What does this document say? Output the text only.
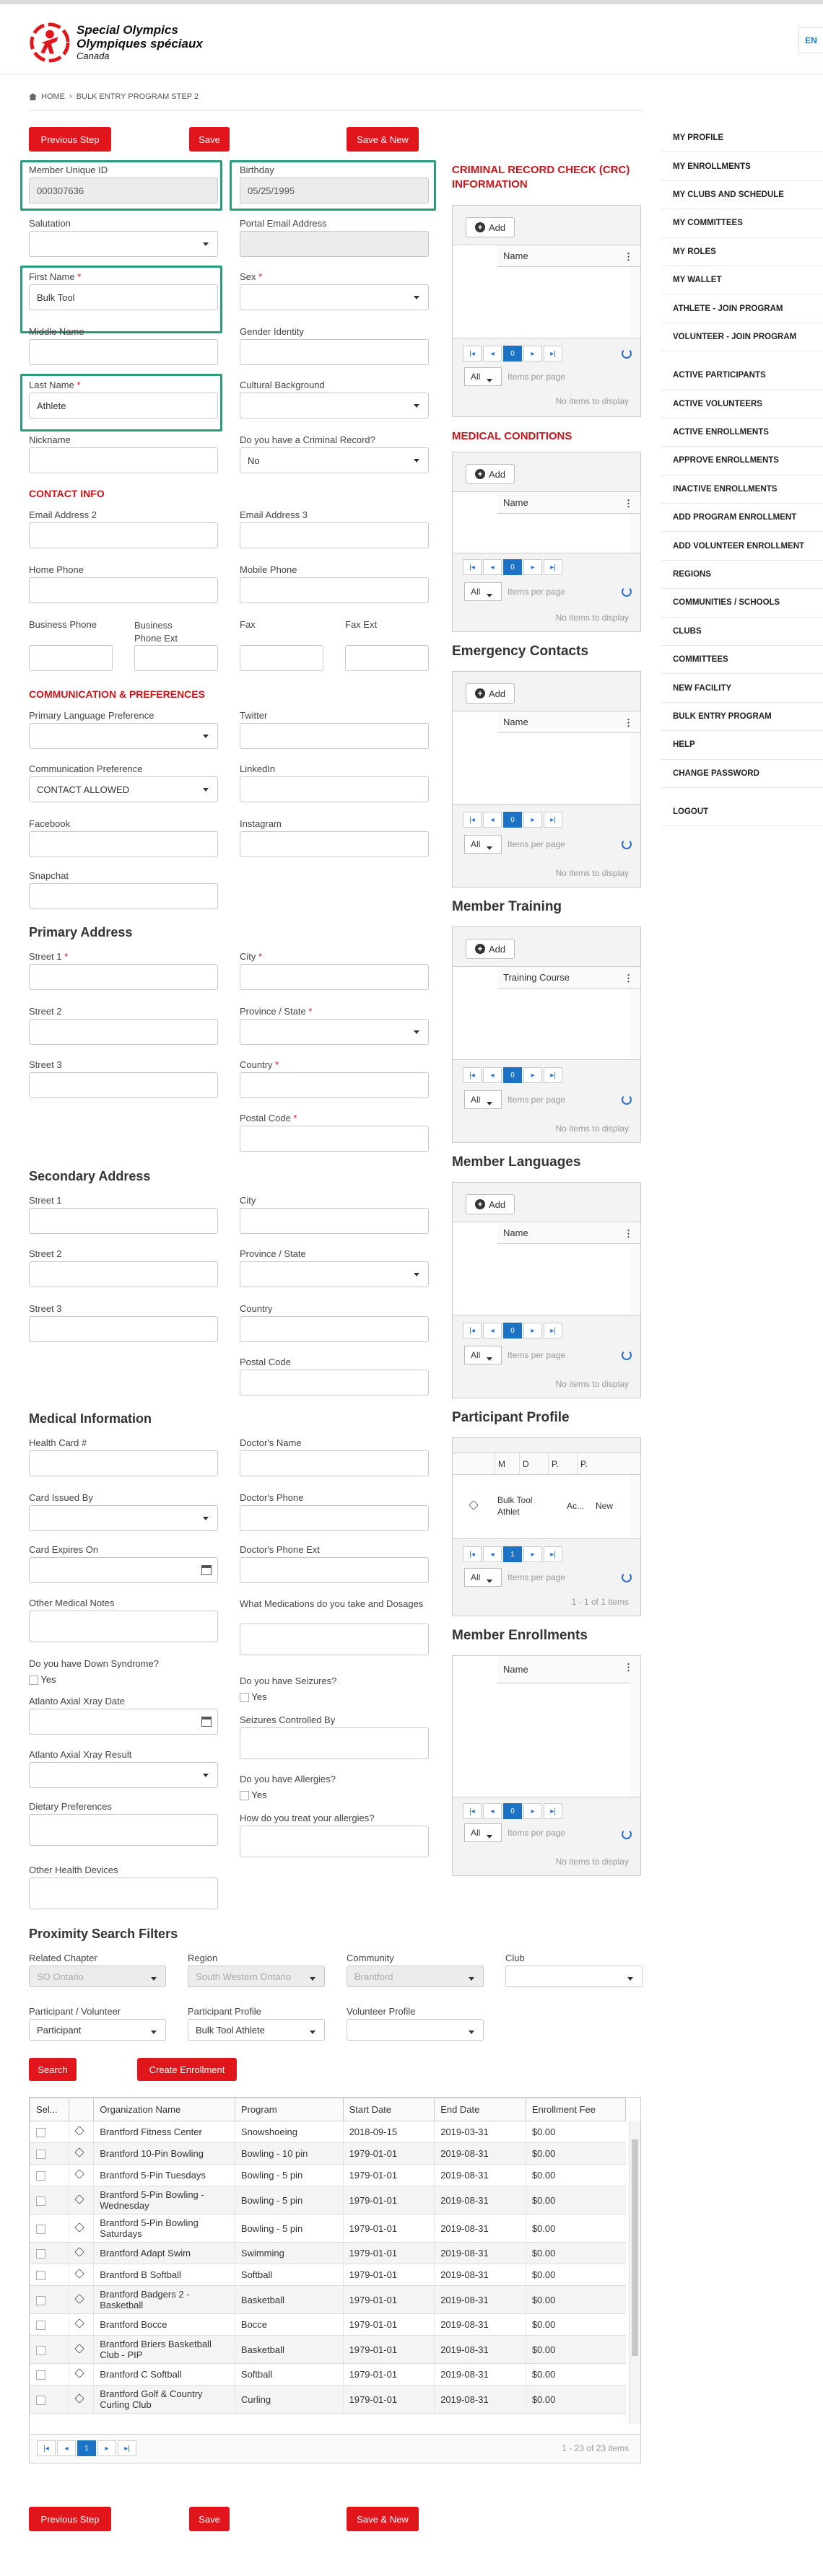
Special Olympics
Olympiques spéciaux
Canada
EN
HOME › BULK ENTRY PROGRAM STEP 2
Previous Step	Save	Save & New
Member Unique ID
000307636
Birthday
05/25/1995
Salutation	Portal Email Address
First Name *
Bulk Tool
Sex *
Middle Name	Gender Identity
Last Name *
Athlete
Cultural Background
Nickname	Do you have a Criminal Record?
No
CONTACT INFO
Email Address 2	Email Address 3
Home Phone	Mobile Phone
Business Phone	Business Phone Ext
Fax	Fax Ext
COMMUNICATION & PREFERENCES
Primary Language Preference	Twitter
Communication Preference
CONTACT ALLOWED
LinkedIn
Facebook	Instagram
Snapchat
Primary Address
Street 1 *	City *
Street 2	Province / State *
Street 3	Country *
Postal Code *
Secondary Address
Street 1	City
Street 2	Province / State
Street 3	Country
Postal Code
Medical Information
Health Card #	Doctor's Name
Card Issued By	Doctor's Phone
Card Expires On	Doctor's Phone Ext
Other Medical Notes	What Medications do you take and Dosages
Do you have Down Syndrome?
Yes	Do you have Seizures?
Yes
Atlanto Axial Xray Date
Seizures Controlled By
Atlanto Axial Xray Result
Do you have Allergies?
Yes
Dietary Preferences
How do you treat your allergies?
Other Health Devices
CRIMINAL RECORD CHECK (CRC) INFORMATION
+ Add
Name	⋮
|◂	◂	0	▸	▸|
All	Items per page
No items to display
MEDICAL CONDITIONS
+ Add
Name	⋮
|◂	◂	0	▸	▸|
All	Items per page
No items to display
Emergency Contacts
+ Add
Name	⋮
|◂	◂	0	▸	▸|
All	Items per page
No items to display
Member Training
+ Add
Training Course	⋮
|◂	◂	0	▸	▸|
All	Items per page
No items to display
Member Languages
+ Add
Name	⋮
|◂	◂	0	▸	▸|
All	Items per page
No items to display
Participant Profile
M	D	P.	P.
Bulk Tool Athlet
Ac...	New
|◂	◂	1	▸	▸|
All	Items per page
1 - 1 of 1 items
Member Enrollments
Name	⋮
|◂	◂	0	▸	▸|
All	Items per page
No items to display
MY PROFILE
MY ENROLLMENTS
MY CLUBS AND SCHEDULE
MY COMMITTEES
MY ROLES
MY WALLET
ATHLETE - JOIN PROGRAM
VOLUNTEER - JOIN PROGRAM
ACTIVE PARTICIPANTS
ACTIVE VOLUNTEERS
ACTIVE ENROLLMENTS
APPROVE ENROLLMENTS
INACTIVE ENROLLMENTS
ADD PROGRAM ENROLLMENT
ADD VOLUNTEER ENROLLMENT
REGIONS
COMMUNITIES / SCHOOLS
CLUBS
COMMITTEES
NEW FACILITY
BULK ENTRY PROGRAM
HELP
CHANGE PASSWORD
LOGOUT
Proximity Search Filters
Related Chapter
SO Ontario
Region
South Western Ontario
Community
Brantford
Club
Participant / Volunteer
Participant
Participant Profile
Bulk Tool Athlete
Volunteer Profile
Search	Create Enrollment
Sel...		Organization Name	Program	Start Date	End Date	Enrollment Fee
		Brantford Fitness Center	Snowshoeing	2018-09-15	2019-03-31	$0.00
		Brantford 10-Pin Bowling	Bowling - 10 pin	1979-01-01	2019-08-31	$0.00
		Brantford 5-Pin Tuesdays	Bowling - 5 pin	1979-01-01	2019-08-31	$0.00
		Brantford 5-Pin Bowling - Wednesday	Bowling - 5 pin	1979-01-01	2019-08-31	$0.00
		Brantford 5-Pin Bowling Saturdays	Bowling - 5 pin	1979-01-01	2019-08-31	$0.00
		Brantford Adapt Swim	Swimming	1979-01-01	2019-08-31	$0.00
		Brantford B Softball	Softball	1979-01-01	2019-08-31	$0.00
		Brantford Badgers 2 - Basketball	Basketball	1979-01-01	2019-08-31	$0.00
		Brantford Bocce	Bocce	1979-01-01	2019-08-31	$0.00
		Brantford Briers Basketball Club - PIP	Basketball	1979-01-01	2019-08-31	$0.00
		Brantford C Softball	Softball	1979-01-01	2019-08-31	$0.00
		Brantford Golf & Country Curling Club	Curling	1979-01-01	2019-08-31	$0.00
|◂	◂	1	▸	▸|	1 - 23 of 23 items
Previous Step	Save	Save & New
